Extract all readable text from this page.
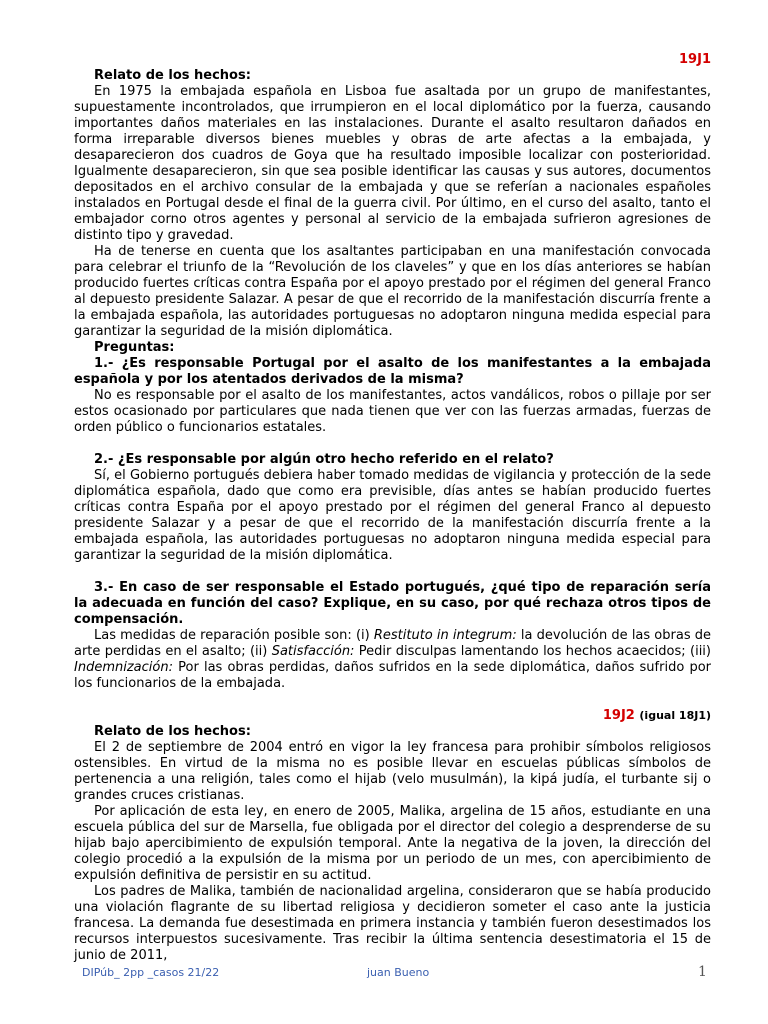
19J1
Relato de los hechos:

En 1975 la embajada española en Lisboa fue asaltada por un grupo de manifestantes, supuestamente incontrolados, que irrumpieron en el local diplomático por la fuerza, causando importantes daños materiales en las instalaciones. Durante el asalto resultaron dañados en forma irreparable diversos bienes muebles y obras de arte afectas a la embajada, y desaparecieron dos cuadros de Goya que ha resultado imposible localizar con posterioridad. Igualmente desaparecieron, sin que sea posible identificar las causas y sus autores, documentos depositados en el archivo consular de la embajada y que se referían a nacionales españoles instalados en Portugal desde el final de la guerra civil. Por último, en el curso del asalto, tanto el embajador corno otros agentes y personal al servicio de la embajada sufrieron agresiones de distinto tipo y gravedad.

Ha de tenerse en cuenta que los asaltantes participaban en una manifestación convocada para celebrar el triunfo de la “Revolución de los claveles” y que en los días anteriores se habían producido fuertes críticas contra España por el apoyo prestado por el régimen del general Franco al depuesto presidente Salazar. A pesar de que el recorrido de la manifestación discurría frente a la embajada española, las autoridades portuguesas no adoptaron ninguna medida especial para garantizar la seguridad de la misión diplomática.

Preguntas:
1.- ¿Es responsable Portugal por el asalto de los manifestantes a la embajada española y por los atentados derivados de la misma?

No es responsable por el asalto de los manifestantes, actos vandálicos, robos o pillaje por ser estos ocasionado por particulares que nada tienen que ver con las fuerzas armadas, fuerzas de orden público o funcionarios estatales.

2.- ¿Es responsable por algún otro hecho referido en el relato?

Sí, el Gobierno portugués debiera haber tomado medidas de vigilancia y protección de la sede diplomática española, dado que como era previsible, días antes se habían producido fuertes críticas contra España por el apoyo prestado por el régimen del general Franco al depuesto presidente Salazar y a pesar de que el recorrido de la manifestación discurría frente a la embajada española, las autoridades portuguesas no adoptaron ninguna medida especial para garantizar la seguridad de la misión diplomática.

3.- En caso de ser responsable el Estado portugués, ¿qué tipo de reparación sería la adecuada en función del caso? Explique, en su caso, por qué rechaza otros tipos de compensación.

Las medidas de reparación posible son: (i) Restituto in integrum: la devolución de las obras de arte perdidas en el asalto; (ii) Satisfacción: Pedir disculpas lamentando los hechos acaecidos; (iii) Indemnización: Por las obras perdidas, daños sufridos en la sede diplomática, daños sufrido por los funcionarios de la embajada.

19J2 (igual 18J1)
Relato de los hechos:

El 2 de septiembre de 2004 entró en vigor la ley francesa para prohibir símbolos religiosos ostensibles. En virtud de la misma no es posible llevar en escuelas públicas símbolos de pertenencia a una religión, tales como el hijab (velo musulmán), la kipá judía, el turbante sij o grandes cruces cristianas.

Por aplicación de esta ley, en enero de 2005, Malika, argelina de 15 años, estudiante en una escuela pública del sur de Marsella, fue obligada por el director del colegio a desprenderse de su hijab bajo apercibimiento de expulsión temporal. Ante la negativa de la joven, la dirección del colegio procedió a la expulsión de la misma por un periodo de un mes, con apercibimiento de expulsión definitiva de persistir en su actitud.

Los padres de Malika, también de nacionalidad argelina, consideraron que se había producido una violación flagrante de su libertad religiosa y decidieron someter el caso ante la justicia francesa. La demanda fue desestimada en primera instancia y también fueron desestimados los recursos interpuestos sucesivamente. Tras recibir la última sentencia desestimatoria el 15 de junio de 2011,

DIPúb_ 2pp _casos 21/22	juan Bueno	1
